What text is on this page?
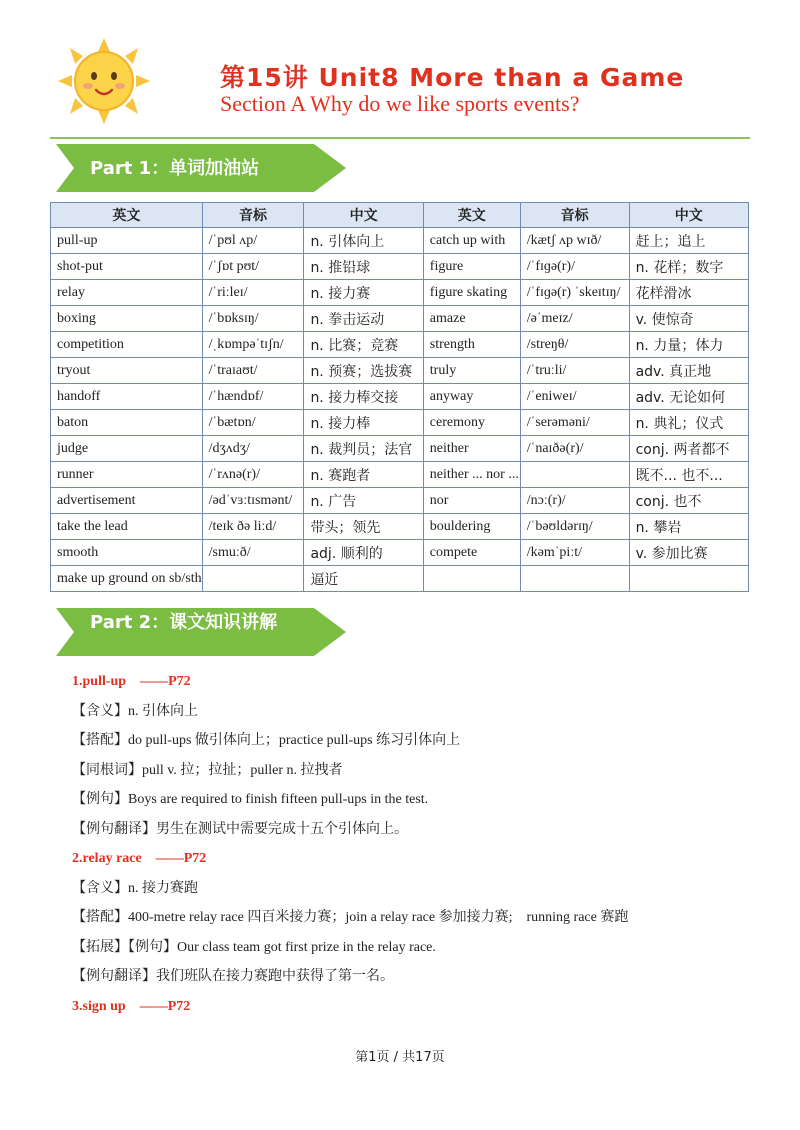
第15讲 Unit8 More than a Game
Section A Why do we like sports events?
Part 1：单词加油站
英文	音标	中文	英文	音标	中文
pull-up	/ˈpʊl ʌp/	n. 引体向上	catch up with	/kætʃ ʌp wɪð/	赶上；追上
shot-put	/ˈʃɒt pʊt/	n. 推铅球	figure	/ˈfɪɡə(r)/	n. 花样；数字
relay	/ˈriːleɪ/	n. 接力赛	figure skating	/ˈfɪɡə(r) ˈskeɪtɪŋ/	花样滑冰
boxing	/ˈbɒksɪŋ/	n. 拳击运动	amaze	/əˈmeɪz/	v. 使惊奇
competition	/ˌkɒmpəˈtɪʃn/	n. 比赛；竞赛	strength	/streŋθ/	n. 力量；体力
tryout	/ˈtraɪaʊt/	n. 预赛；选拔赛	truly	/ˈtruːli/	adv. 真正地
handoff	/ˈhændɒf/	n. 接力棒交接	anyway	/ˈeniweɪ/	adv. 无论如何
baton	/ˈbætɒn/	n. 接力棒	ceremony	/ˈserəməni/	n. 典礼；仪式
judge	/dʒʌdʒ/	n. 裁判员；法官	neither	/ˈnaɪðə(r)/	conj. 两者都不
runner	/ˈrʌnə(r)/	n. 赛跑者	neither ... nor ...		既不... 也不...
advertisement	/ədˈvɜːtɪsmənt/	n. 广告	nor	/nɔː(r)/	conj. 也不
take the lead	/teɪk ðə liːd/	带头；领先	bouldering	/ˈbəʊldərɪŋ/	n. 攀岩
smooth	/smuːð/	adj. 顺利的	compete	/kəmˈpiːt/	v. 参加比赛
make up ground on sb/sth		逼近			
Part 2：课文知识讲解
1.pull-up　——P72
【含义】n. 引体向上
【搭配】do pull-ups 做引体向上；practice pull-ups 练习引体向上
【同根词】pull v. 拉；拉扯；puller n. 拉拽者
【例句】Boys are required to finish fifteen pull-ups in the test.
【例句翻译】男生在测试中需要完成十五个引体向上。
2.relay race　——P72
【含义】n. 接力赛跑
【搭配】400-metre relay race 四百米接力赛；join a relay race 参加接力赛;　running race 赛跑
【拓展】【例句】Our class team got first prize in the relay race.
【例句翻译】我们班队在接力赛跑中获得了第一名。
3.sign up　——P72
第1页 / 共17页
